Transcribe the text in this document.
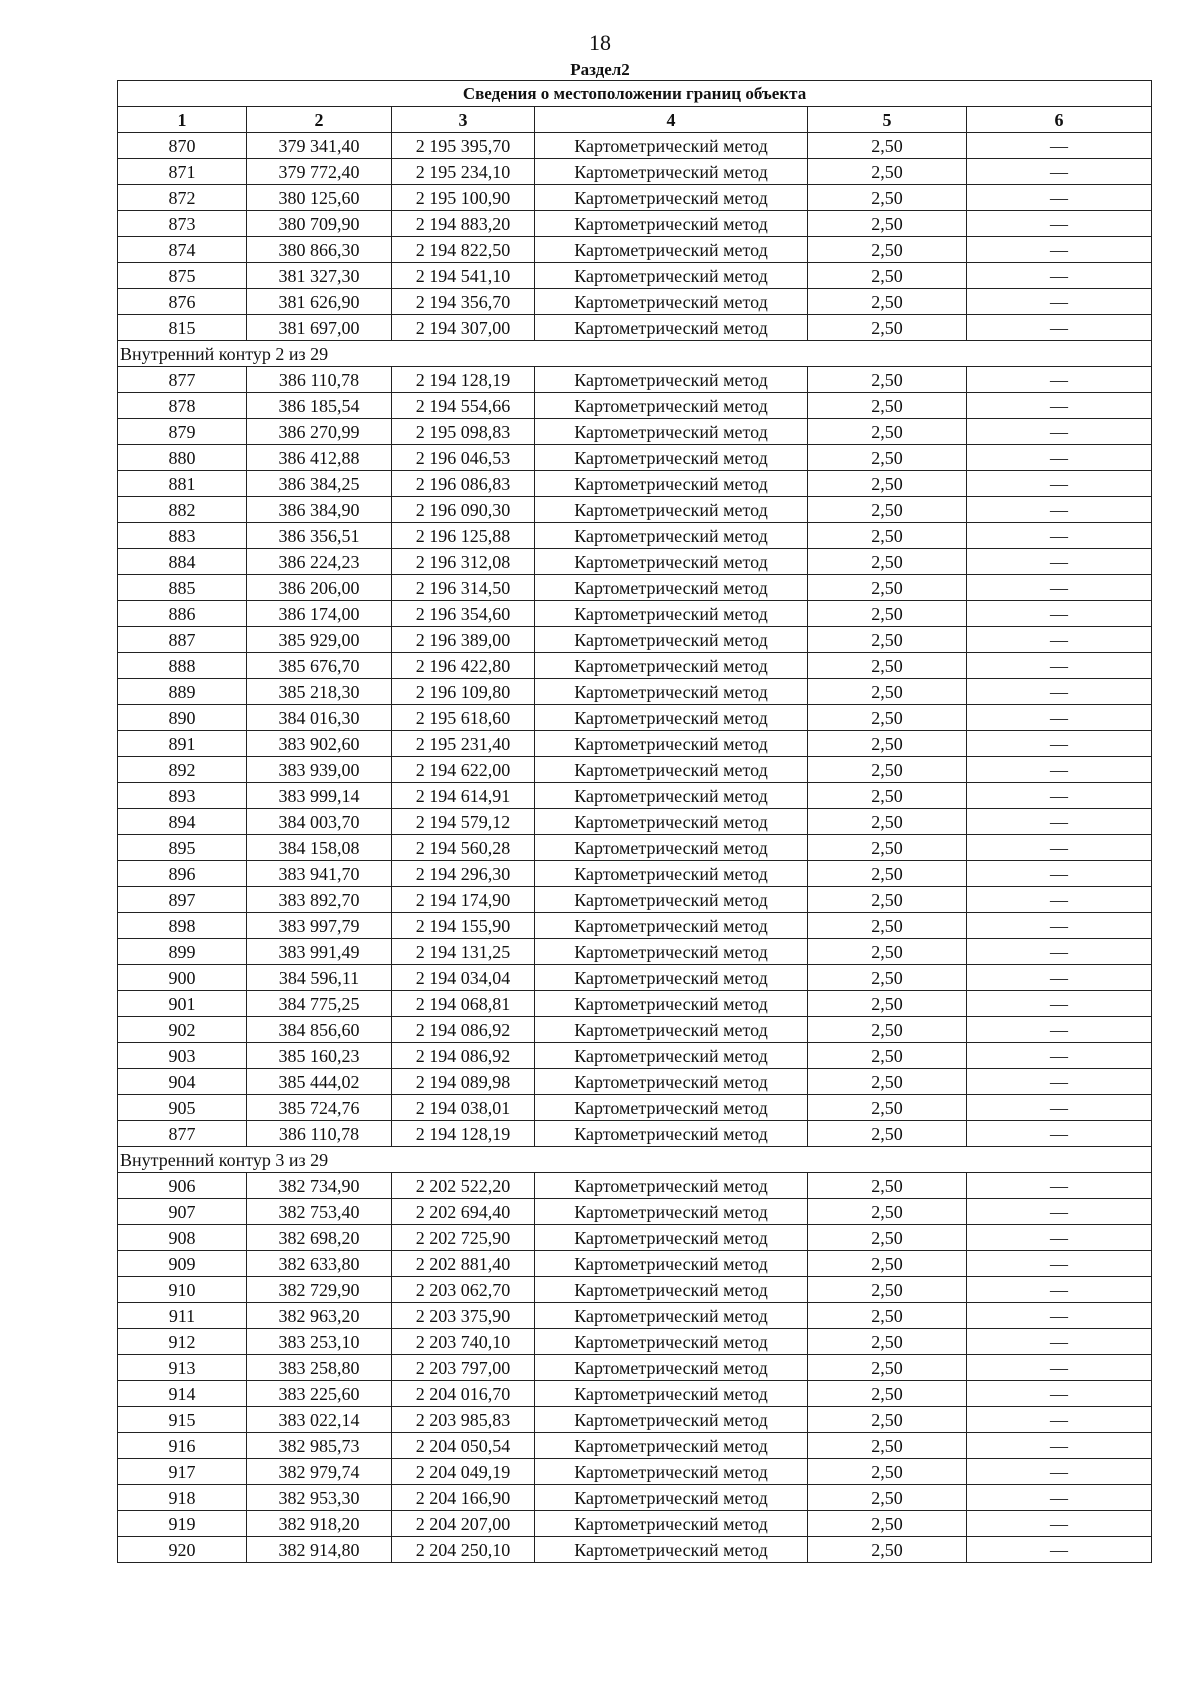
18
Раздел2
Сведения о местоположении границ объекта					
1	2	3	4	5	6
870	379 341,40	2 195 395,70	Картометрический метод	2,50	—
871	379 772,40	2 195 234,10	Картометрический метод	2,50	—
872	380 125,60	2 195 100,90	Картометрический метод	2,50	—
873	380 709,90	2 194 883,20	Картометрический метод	2,50	—
874	380 866,30	2 194 822,50	Картометрический метод	2,50	—
875	381 327,30	2 194 541,10	Картометрический метод	2,50	—
876	381 626,90	2 194 356,70	Картометрический метод	2,50	—
815	381 697,00	2 194 307,00	Картометрический метод	2,50	—
Внутренний контур 2 из 29					
877	386 110,78	2 194 128,19	Картометрический метод	2,50	—
878	386 185,54	2 194 554,66	Картометрический метод	2,50	—
879	386 270,99	2 195 098,83	Картометрический метод	2,50	—
880	386 412,88	2 196 046,53	Картометрический метод	2,50	—
881	386 384,25	2 196 086,83	Картометрический метод	2,50	—
882	386 384,90	2 196 090,30	Картометрический метод	2,50	—
883	386 356,51	2 196 125,88	Картометрический метод	2,50	—
884	386 224,23	2 196 312,08	Картометрический метод	2,50	—
885	386 206,00	2 196 314,50	Картометрический метод	2,50	—
886	386 174,00	2 196 354,60	Картометрический метод	2,50	—
887	385 929,00	2 196 389,00	Картометрический метод	2,50	—
888	385 676,70	2 196 422,80	Картометрический метод	2,50	—
889	385 218,30	2 196 109,80	Картометрический метод	2,50	—
890	384 016,30	2 195 618,60	Картометрический метод	2,50	—
891	383 902,60	2 195 231,40	Картометрический метод	2,50	—
892	383 939,00	2 194 622,00	Картометрический метод	2,50	—
893	383 999,14	2 194 614,91	Картометрический метод	2,50	—
894	384 003,70	2 194 579,12	Картометрический метод	2,50	—
895	384 158,08	2 194 560,28	Картометрический метод	2,50	—
896	383 941,70	2 194 296,30	Картометрический метод	2,50	—
897	383 892,70	2 194 174,90	Картометрический метод	2,50	—
898	383 997,79	2 194 155,90	Картометрический метод	2,50	—
899	383 991,49	2 194 131,25	Картометрический метод	2,50	—
900	384 596,11	2 194 034,04	Картометрический метод	2,50	—
901	384 775,25	2 194 068,81	Картометрический метод	2,50	—
902	384 856,60	2 194 086,92	Картометрический метод	2,50	—
903	385 160,23	2 194 086,92	Картометрический метод	2,50	—
904	385 444,02	2 194 089,98	Картометрический метод	2,50	—
905	385 724,76	2 194 038,01	Картометрический метод	2,50	—
877	386 110,78	2 194 128,19	Картометрический метод	2,50	—
Внутренний контур 3 из 29					
906	382 734,90	2 202 522,20	Картометрический метод	2,50	—
907	382 753,40	2 202 694,40	Картометрический метод	2,50	—
908	382 698,20	2 202 725,90	Картометрический метод	2,50	—
909	382 633,80	2 202 881,40	Картометрический метод	2,50	—
910	382 729,90	2 203 062,70	Картометрический метод	2,50	—
911	382 963,20	2 203 375,90	Картометрический метод	2,50	—
912	383 253,10	2 203 740,10	Картометрический метод	2,50	—
913	383 258,80	2 203 797,00	Картометрический метод	2,50	—
914	383 225,60	2 204 016,70	Картометрический метод	2,50	—
915	383 022,14	2 203 985,83	Картометрический метод	2,50	—
916	382 985,73	2 204 050,54	Картометрический метод	2,50	—
917	382 979,74	2 204 049,19	Картометрический метод	2,50	—
918	382 953,30	2 204 166,90	Картометрический метод	2,50	—
919	382 918,20	2 204 207,00	Картометрический метод	2,50	—
920	382 914,80	2 204 250,10	Картометрический метод	2,50	—
